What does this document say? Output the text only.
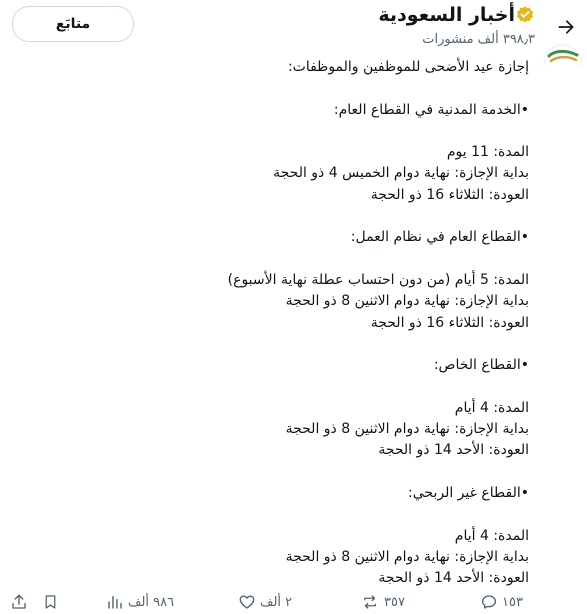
أخبار السعودية
٣٩٨٫٣ ألف منشورات
متابَع
إجازة عيد الأضحى للموظفين والموظفات:
•الخدمة المدنية في القطاع العام:
المدة: 11 يوم
بداية الإجازة: نهاية دوام الخميس 4 ذو الحجة
العودة: الثلاثاء 16 ذو الحجة
•القطاع العام في نظام العمل:
المدة: 5 أيام (من دون احتساب عطلة نهاية الأسبوع)
بداية الإجازة: نهاية دوام الاثنين 8 ذو الحجة
العودة: الثلاثاء 16 ذو الحجة
•القطاع الخاص:
المدة: 4 أيام
بداية الإجازة: نهاية دوام الاثنين 8 ذو الحجة
العودة: الأحد 14 ذو الحجة
•القطاع غير الربحي:
المدة: 4 أيام
بداية الإجازة: نهاية دوام الاثنين 8 ذو الحجة
العودة: الأحد 14 ذو الحجة
١٥٣
٣٥٧
٢ ألف
٩٨٦ ألف
